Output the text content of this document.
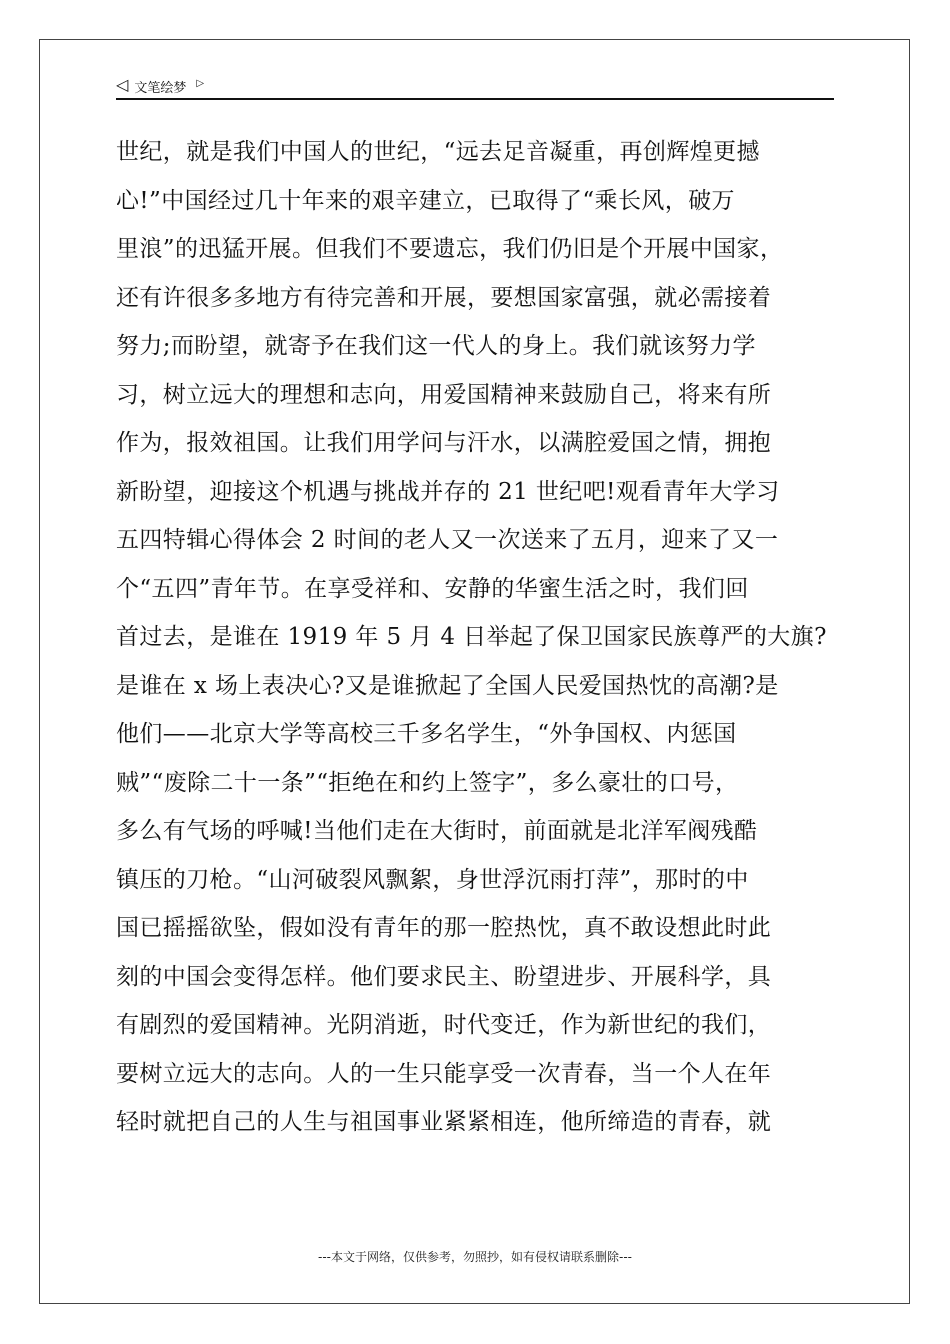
◁ 文笔绘梦 ▷
世纪，就是我们中国人的世纪，“远去足音凝重，再创辉煌更撼
心!”中国经过几十年来的艰辛建立，已取得了“乘长风，破万
里浪”的迅猛开展。但我们不要遗忘，我们仍旧是个开展中国家，
还有许很多多地方有待完善和开展，要想国家富强，就必需接着
努力;而盼望，就寄予在我们这一代人的身上。我们就该努力学
习，树立远大的理想和志向，用爱国精神来鼓励自己，将来有所
作为，报效祖国。让我们用学问与汗水，以满腔爱国之情，拥抱
新盼望，迎接这个机遇与挑战并存的 21 世纪吧!观看青年大学习
五四特辑心得体会 2 时间的老人又一次送来了五月，迎来了又一
个“五四”青年节。在享受祥和、安静的华蜜生活之时，我们回
首过去，是谁在 1919 年 5 月 4 日举起了保卫国家民族尊严的大旗?
是谁在 x 场上表决心?又是谁掀起了全国人民爱国热忱的高潮?是
他们——北京大学等高校三千多名学生，“外争国权、内惩国
贼”“废除二十一条”“拒绝在和约上签字”，多么豪壮的口号，
多么有气场的呼喊!当他们走在大街时，前面就是北洋军阀残酷
镇压的刀枪。“山河破裂风飘絮，身世浮沉雨打萍”，那时的中
国已摇摇欲坠，假如没有青年的那一腔热忱，真不敢设想此时此
刻的中国会变得怎样。他们要求民主、盼望进步、开展科学，具
有剧烈的爱国精神。光阴消逝，时代变迁，作为新世纪的我们，
要树立远大的志向。人的一生只能享受一次青春，当一个人在年
轻时就把自己的人生与祖国事业紧紧相连，他所缔造的青春，就
---本文于网络，仅供参考，勿照抄，如有侵权请联系删除---
